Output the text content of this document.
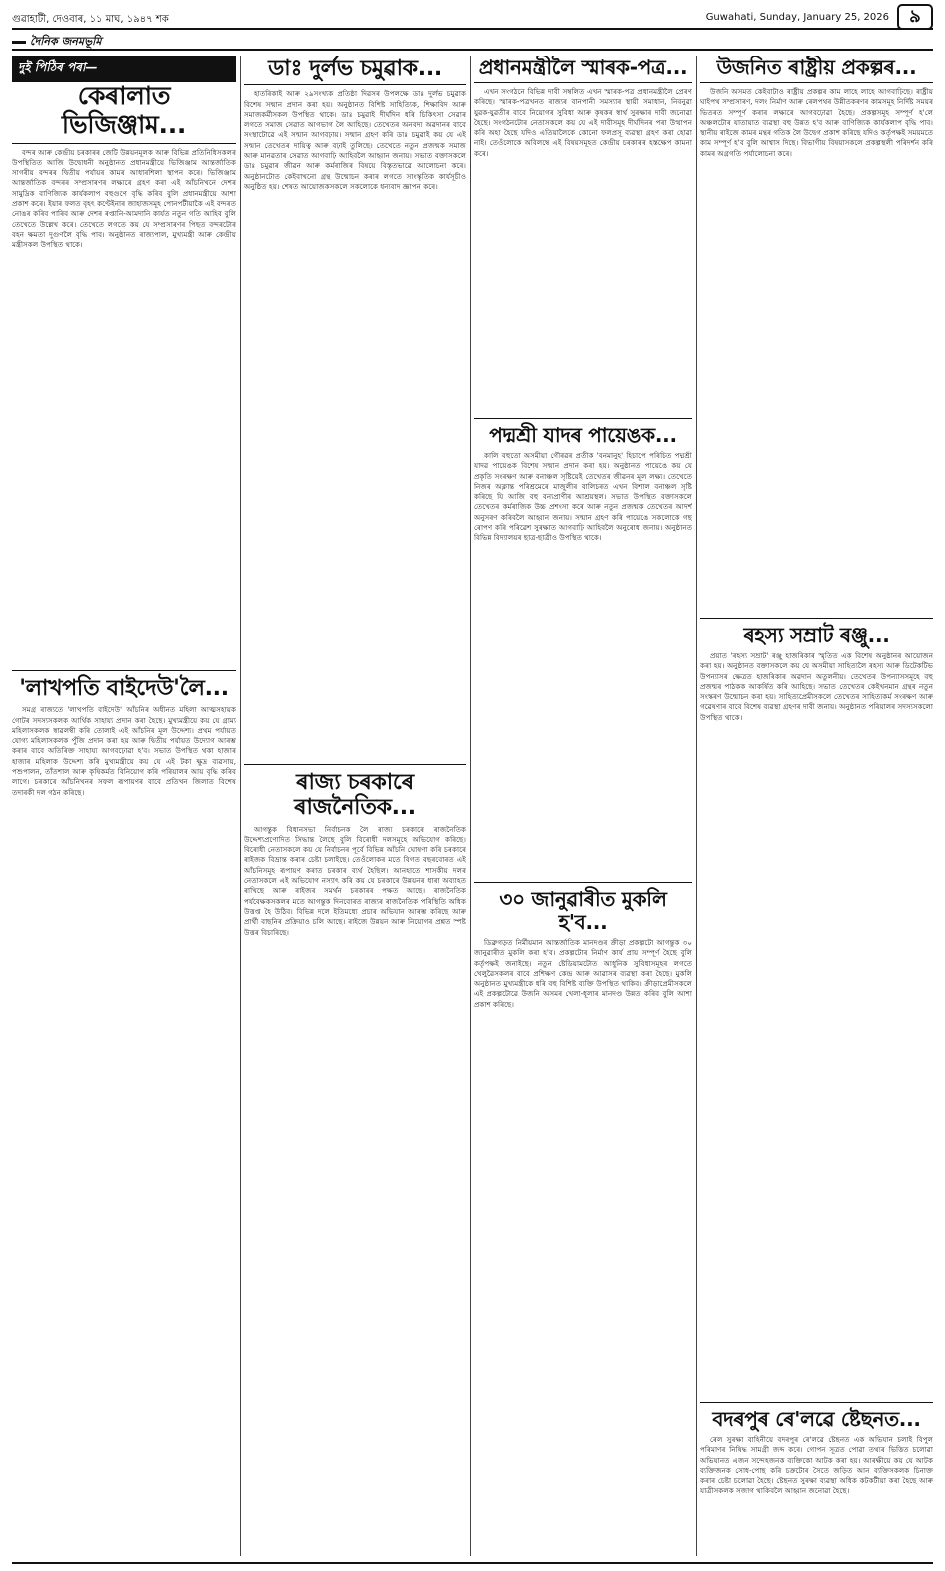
গুৱাহাটী, দেওবাৰ, ১১ মাঘ, ১৯৪৭ শক	Guwahati, Sunday, January 25, 2026	৯
দৈনিক জনমভূমি
দুই পিঠিৰ পৰা—
কেৰালাত ভিজিঞ্জাম...

বন্দৰ আৰু কেন্দ্ৰীয় চৰকাৰৰ জেটি উন্নয়নমূলক আৰু বিভিন্ন প্ৰতিনিধিসকলৰ উপস্থিতিত আজি উদ্বোধনী অনুষ্ঠানত প্ৰধানমন্ত্ৰীয়ে ভিজিঞ্জাম আন্তৰ্জাতিক সাগৰীয় বন্দৰৰ দ্বিতীয় পৰ্যায়ৰ কামৰ আধাৰশিলা স্থাপন কৰে। ভিজিঞ্জাম আন্তৰ্জাতিক বন্দৰৰ সম্প্ৰসাৰণৰ লক্ষ্যৰে গ্ৰহণ কৰা এই আঁচনিখনে দেশৰ সামুদ্ৰিক বাণিজ্যিক কাৰ্যকলাপ বহুগুণে বৃদ্ধি কৰিব বুলি প্ৰধানমন্ত্ৰীয়ে আশা প্ৰকাশ কৰে। ইয়াৰ ফলত বৃহৎ কণ্টেইনাৰ জাহাজসমূহ পোনপটীয়াকৈ এই বন্দৰত নোঙৰ কৰিব পাৰিব আৰু দেশৰ ৰপ্তানি-আমদানি কাৰ্যত নতুন গতি আহিব বুলি তেখেতে উল্লেখ কৰে। তেখেতে লগতে কয় যে সম্প্ৰসাৰণৰ পিছত বন্দৰটোৰ বহন ক্ষমতা দুগুণলৈ বৃদ্ধি পাব। অনুষ্ঠানত ৰাজ্যপাল, মুখ্যমন্ত্ৰী আৰু কেন্দ্ৰীয় মন্ত্ৰীসকল উপস্থিত থাকে।

'লাখপতি বাইদেউ'লৈ...

সমগ্ৰ ৰাজ্যতে 'লাখপতি বাইদেউ' আঁচনিৰ অধীনত মহিলা আত্মসহায়ক গোটৰ সদস্যসকলক আৰ্থিক সাহায্য প্ৰদান কৰা হৈছে। মুখ্যমন্ত্ৰীয়ে কয় যে গ্ৰাম্য মহিলাসকলক স্বাৱলম্বী কৰি তোলাই এই আঁচনিৰ মূল উদ্দেশ্য। প্ৰথম পৰ্যায়ত যোগ্য মহিলাসকলক পুঁজি প্ৰদান কৰা হয় আৰু দ্বিতীয় পৰ্যায়ত উদ্যোগ আৰম্ভ কৰাৰ বাবে অতিৰিক্ত সাহায্য আগবঢ়োৱা হ'ব। সভাত উপস্থিত থকা হাজাৰ হাজাৰ মহিলাক উদ্দেশ্য কৰি মুখ্যমন্ত্ৰীয়ে কয় যে এই টকা ক্ষুদ্ৰ ব্যৱসায়, পশুপালন, তাঁতশাল আৰু কৃষিকৰ্মত বিনিয়োগ কৰি পৰিয়ালৰ আয় বৃদ্ধি কৰিব লাগে। চৰকাৰে আঁচনিখনৰ সফল ৰূপায়ণৰ বাবে প্ৰতিখন জিলাত বিশেষ তদাৰকী দল গঠন কৰিছে।

ডাঃ দুৰ্লভ চমুৱাক...

হাতৰিকাই আৰু ২৯সংখ্যক প্ৰতিষ্ঠা দিৱসৰ উপলক্ষে ডাঃ দুৰ্লভ চমুৱাক বিশেষ সন্মান প্ৰদান কৰা হয়। অনুষ্ঠানত বিশিষ্ট সাহিত্যিক, শিক্ষাবিদ আৰু সমাজকৰ্মীসকল উপস্থিত থাকে। ডাঃ চমুৱাই দীৰ্ঘদিন ধৰি চিকিৎসা সেৱাৰ লগতে সমাজ সেৱাত আগভাগ লৈ আহিছে। তেখেতৰ অনবদ্য অৱদানৰ বাবে সংস্থাটোৱে এই সন্মান আগবঢ়ায়। সন্মান গ্ৰহণ কৰি ডাঃ চমুৱাই কয় যে এই সন্মান তেখেতৰ দায়িত্ব আৰু বঢ়াই তুলিছে। তেখেতে নতুন প্ৰজন্মক সমাজ আৰু মানৱতাৰ সেৱাত আগবাঢ়ি আহিবলৈ আহ্বান জনায়। সভাত বক্তাসকলে ডাঃ চমুৱাৰ জীৱন আৰু কৰ্মৰাজিৰ বিষয়ে বিস্তৃতভাৱে আলোচনা কৰে। অনুষ্ঠানটোত কেইবাখনো গ্ৰন্থ উন্মোচন কৰাৰ লগতে সাংস্কৃতিক কাৰ্যসূচীও অনুষ্ঠিত হয়। শেষত আয়োজকসকলে সকলোকে ধন্যবাদ জ্ঞাপন কৰে।

ৰাজ্য চৰকাৰে ৰাজনৈতিক...

আগন্তুক বিধানসভা নিৰ্বাচনক লৈ ৰাজ্য চৰকাৰে ৰাজনৈতিক উদ্দেশ্যপ্ৰণোদিত সিদ্ধান্ত লৈছে বুলি বিৰোধী দলসমূহে অভিযোগ কৰিছে। বিৰোধী নেতাসকলে কয় যে নিৰ্বাচনৰ পূৰ্বে বিভিন্ন আঁচনি ঘোষণা কৰি চৰকাৰে ৰাইজক বিভ্ৰান্ত কৰাৰ চেষ্টা চলাইছে। তেওঁলোকৰ মতে বিগত বছৰবোৰত এই আঁচনিসমূহ ৰূপায়ণ কৰাত চৰকাৰ ব্যৰ্থ হৈছিল। আনহাতে শাসকীয় দলৰ নেতাসকলে এই অভিযোগ নস্যাৎ কৰি কয় যে চৰকাৰে উন্নয়নৰ ধাৰা অব্যাহত ৰাখিছে আৰু ৰাইজৰ সমৰ্থন চৰকাৰৰ পক্ষত আছে। ৰাজনৈতিক পৰ্যবেক্ষকসকলৰ মতে আগন্তুক দিনবোৰত ৰাজ্যৰ ৰাজনৈতিক পৰিস্থিতি অধিক উত্তপ্ত হৈ উঠিব। বিভিন্ন দলে ইতিমধ্যে প্ৰচাৰ অভিযান আৰম্ভ কৰিছে আৰু প্ৰাৰ্থী বাছনিৰ প্ৰক্ৰিয়াও চলি আছে। ৰাইজে উন্নয়ন আৰু নিয়োগৰ প্ৰশ্নত স্পষ্ট উত্তৰ বিচাৰিছে।

প্ৰধানমন্ত্ৰীলৈ স্মাৰক-পত্ৰ...

এখন সংগঠনে বিভিন্ন দাবী সম্বলিত এখন স্মাৰক-পত্ৰ প্ৰধানমন্ত্ৰীলৈ প্ৰেৰণ কৰিছে। স্মাৰক-পত্ৰখনত ৰাজ্যৰ বানপানী সমস্যাৰ স্থায়ী সমাধান, নিবনুৱা যুৱক-যুৱতীৰ বাবে নিয়োগৰ সুবিধা আৰু কৃষকৰ স্বাৰ্থ সুৰক্ষাৰ দাবী জনোৱা হৈছে। সংগঠনটোৰ নেতাসকলে কয় যে এই দাবীসমূহ দীৰ্ঘদিনৰ পৰা উত্থাপন কৰি অহা হৈছে যদিও এতিয়ালৈকে কোনো ফলপ্ৰসূ ব্যৱস্থা গ্ৰহণ কৰা হোৱা নাই। তেওঁলোকে অবিলম্বে এই বিষয়সমূহত কেন্দ্ৰীয় চৰকাৰৰ হস্তক্ষেপ কামনা কৰে।

পদ্মশ্ৰী যাদৰ পায়েঙক...

কালি বহুতো অসমীয়া গৌৰৱৰ প্ৰতীক 'বনমানুহ' হিচাপে পৰিচিত পদ্মশ্ৰী যাদৱ পায়েঙক বিশেষ সন্মান প্ৰদান কৰা হয়। অনুষ্ঠানত পায়েঙে কয় যে প্ৰকৃতি সংৰক্ষণ আৰু বনাঞ্চল সৃষ্টিয়েই তেখেতৰ জীৱনৰ মূল লক্ষ্য। তেখেতে নিজৰ অক্লান্ত পৰিশ্ৰমেৰে মাজুলীৰ বালিচৰত এখন বিশাল বনাঞ্চল সৃষ্টি কৰিছে যি আজি বহু বন্যপ্ৰাণীৰ আশ্ৰয়স্থল। সভাত উপস্থিত বক্তাসকলে তেখেতৰ কৰ্মৰাজিক উচ্চ প্ৰশংসা কৰে আৰু নতুন প্ৰজন্মক তেখেতৰ আদৰ্শ অনুসৰণ কৰিবলৈ আহ্বান জনায়। সন্মান গ্ৰহণ কৰি পায়েঙে সকলোকে গছ ৰোপণ কৰি পৰিৱেশ সুৰক্ষাত আগবাঢ়ি আহিবলৈ অনুৰোধ জনায়। অনুষ্ঠানত বিভিন্ন বিদ্যালয়ৰ ছাত্ৰ-ছাত্ৰীও উপস্থিত থাকে।

৩০ জানুৱাৰীত মুকলি হ'ব...

ডিব্ৰুগড়ত নিৰ্মীয়মান আন্তৰ্জাতিক মানদণ্ডৰ ক্ৰীড়া প্ৰকল্পটো আগন্তুক ৩০ জানুৱাৰীত মুকলি কৰা হ'ব। প্ৰকল্পটোৰ নিৰ্মাণ কাৰ্য প্ৰায় সম্পূৰ্ণ হৈছে বুলি কৰ্তৃপক্ষই জনাইছে। নতুন ষ্টেডিয়ামটোত আধুনিক সুবিধাসমূহৰ লগতে খেলুৱৈসকলৰ বাবে প্ৰশিক্ষণ কেন্দ্ৰ আৰু আৱাসৰ ব্যৱস্থা কৰা হৈছে। মুকলি অনুষ্ঠানত মুখ্যমন্ত্ৰীকে ধৰি বহু বিশিষ্ট ব্যক্তি উপস্থিত থাকিব। ক্ৰীড়াপ্ৰেমীসকলে এই প্ৰকল্পটোৱে উজনি অসমৰ খেলা-ধূলাৰ মানদণ্ড উন্নত কৰিব বুলি আশা প্ৰকাশ কৰিছে।

উজনিত ৰাষ্ট্ৰীয় প্ৰকল্পৰ...

উজনি অসমত কেইবাটাও ৰাষ্ট্ৰীয় প্ৰকল্পৰ কাম লাহে লাহে আগবাঢ়িছে। ৰাষ্ট্ৰীয় ঘাইপথ সম্প্ৰসাৰণ, দলং নিৰ্মাণ আৰু ৰেলপথৰ উন্নীতকৰণৰ কামসমূহ নিৰ্দিষ্ট সময়ৰ ভিতৰত সম্পূৰ্ণ কৰাৰ লক্ষ্যৰে আগবঢ়োৱা হৈছে। প্ৰকল্পসমূহ সম্পূৰ্ণ হ'লে অঞ্চলটোৰ যাতায়াত ব্যৱস্থা বহু উন্নত হ'ব আৰু বাণিজ্যিক কাৰ্যকলাপ বৃদ্ধি পাব। স্থানীয় ৰাইজে কামৰ মন্থৰ গতিক লৈ উদ্বেগ প্ৰকাশ কৰিছে যদিও কৰ্তৃপক্ষই সময়মতে কাম সম্পূৰ্ণ হ'ব বুলি আশ্বাস দিছে। বিভাগীয় বিষয়াসকলে প্ৰকল্পস্থলী পৰিদৰ্শন কৰি কামৰ অগ্ৰগতি পৰ্যালোচনা কৰে।

ৰহস্য সম্ৰাট ৰঞ্জু...

প্ৰয়াত 'ৰহস্য সম্ৰাট' ৰঞ্জু হাজৰিকাৰ স্মৃতিত এক বিশেষ অনুষ্ঠানৰ আয়োজন কৰা হয়। অনুষ্ঠানত বক্তাসকলে কয় যে অসমীয়া সাহিত্যলৈ ৰহস্য আৰু ডিটেকটিভ উপন্যাসৰ ক্ষেত্ৰত হাজৰিকাৰ অৱদান অতুলনীয়। তেখেতৰ উপন্যাসসমূহে বহু প্ৰজন্মৰ পাঠকক আকৰ্ষিত কৰি আহিছে। সভাত তেখেতৰ কেইখনমান গ্ৰন্থৰ নতুন সংস্কৰণ উন্মোচন কৰা হয়। সাহিত্যপ্ৰেমীসকলে তেখেতৰ সাহিত্যকৰ্ম সংৰক্ষণ আৰু গৱেষণাৰ বাবে বিশেষ ব্যৱস্থা গ্ৰহণৰ দাবী জনায়। অনুষ্ঠানত পৰিয়ালৰ সদস্যসকলো উপস্থিত থাকে।

বদৰপুৰ ৰে'লৱে ষ্টেছনত...

ৰেল সুৰক্ষা বাহিনীয়ে বদৰপুৰ ৰে'লৱে ষ্টেছনত এক অভিযান চলাই বিপুল পৰিমাণৰ নিষিদ্ধ সামগ্ৰী জব্দ কৰে। গোপন সূত্ৰত পোৱা তথ্যৰ ভিত্তিত চলোৱা অভিযানত এজন সন্দেহজনক ব্যক্তিকো আটক কৰা হয়। আৰক্ষীয়ে কয় যে আটক ব্যক্তিজনক সোধ-পোছ কৰি চক্ৰটোৰ সৈতে জড়িত আন ব্যক্তিসকলক চিনাক্ত কৰাৰ চেষ্টা চলোৱা হৈছে। ষ্টেছনত সুৰক্ষা ব্যৱস্থা অধিক কটকটীয়া কৰা হৈছে আৰু যাত্ৰীসকলক সজাগ থাকিবলৈ আহ্বান জনোৱা হৈছে।
